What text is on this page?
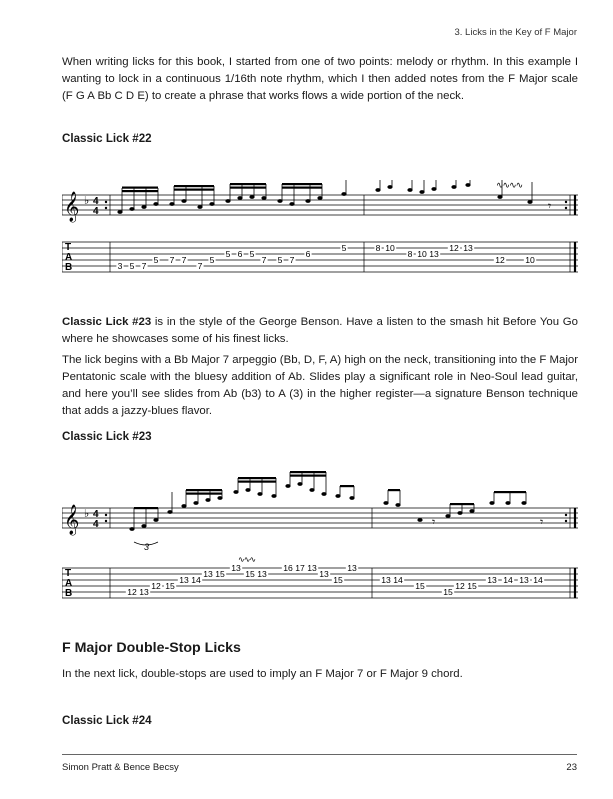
3. Licks in the Key of F Major

When writing licks for this book, I started from one of two points: melody or rhythm. In this example I wanting to lock in a continuous 1/16th note rhythm, which I then added notes from the F Major scale (F G A Bb C D E) to create a phrase that works flows a wide portion of the neck.

Classic Lick #22
𝄞 ♭ 4
4
∿∿∿∿
𝄾
T
A
B	3 5 7
5 7
7
5
7
5 6 5
7 5 7
6
5	8 10
8 10 13
12 13
12 10

Classic Lick #23 is in the style of the George Benson. Have a listen to the smash hit Before You Go where he showcases some of his finest licks.

The lick begins with a Bb Major 7 arpeggio (Bb, D, F, A) high on the neck, transitioning into the F Major Pentatonic scale with the bluesy addition of Ab. Slides play a significant role in Neo-Soul lead guitar, and here you’ll see slides from Ab (b3) to A (3) in the higher register—a signature Benson technique that adds a jazzy-blues flavor.

Classic Lick #23
𝄞 ♭ 4
4
3
𝄾	𝄾
∿∿∿
T
A
B	12 13
12 15
13 14
13 15
13
15 13
16 17 13
13
15
13
13 14
15
15
12 15
13 14 13 14
F Major Double-Stop Licks

In the next lick, double-stops are used to imply an F Major 7 or F Major 9 chord.

Classic Lick #24
Simon Pratt & Bence Becsy	23
